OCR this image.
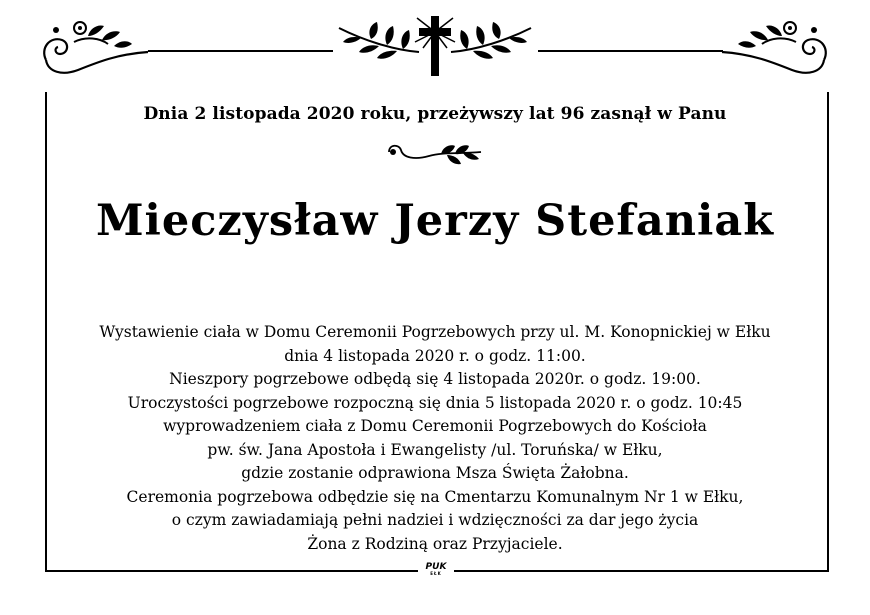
Dnia 2 listopada 2020 roku, przeżywszy lat 96 zasnął w Panu
Mieczysław Jerzy Stefaniak
Wystawienie ciała w Domu Ceremonii Pogrzebowych przy ul. M. Konopnickiej w Ełku
dnia 4 listopada 2020 r. o godz. 11:00.
Nieszpory pogrzebowe odbędą się 4 listopada 2020r. o godz. 19:00.
Uroczystości pogrzebowe rozpoczną się dnia 5 listopada 2020 r. o godz. 10:45
wyprowadzeniem ciała z Domu Ceremonii Pogrzebowych do Kościoła
pw. św. Jana Apostoła i Ewangelisty /ul. Toruńska/ w Ełku,
gdzie zostanie odprawiona Msza Święta Żałobna.
Ceremonia pogrzebowa odbędzie się na Cmentarzu Komunalnym Nr 1 w Ełku,
o czym zawiadamiają pełni nadziei i wdzięczności za dar jego życia
Żona z Rodziną oraz Przyjaciele.
PUK
EŁK
